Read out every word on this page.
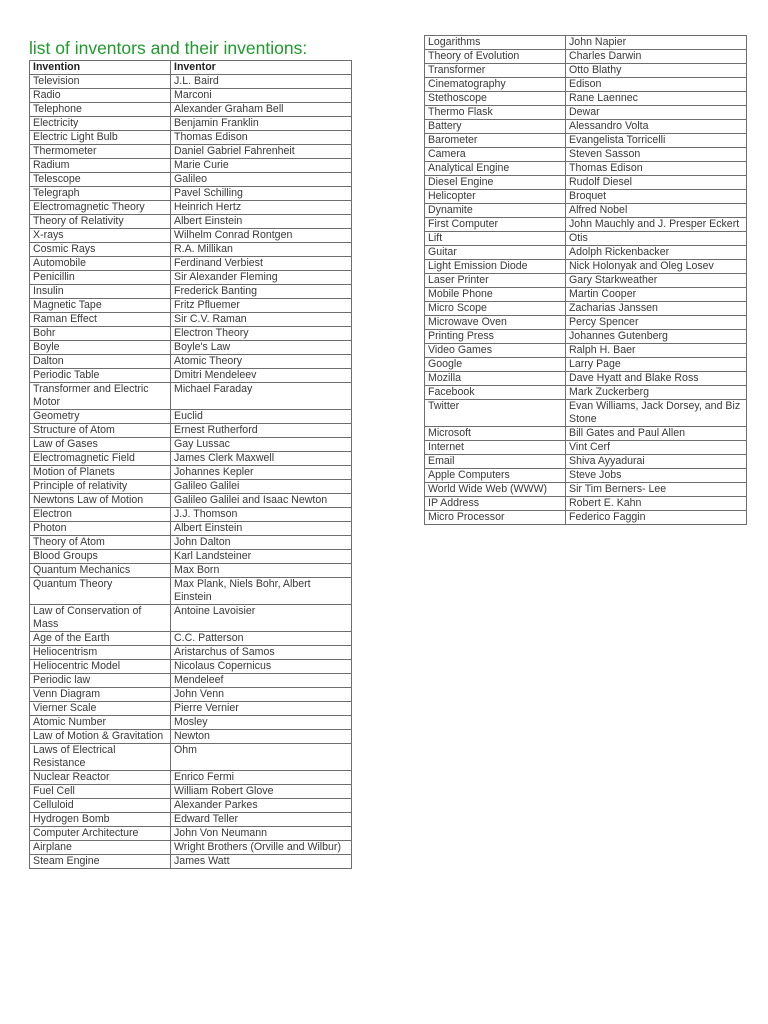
list of inventors and their inventions:
Invention	Inventor
Television	J.L. Baird
Radio	Marconi
Telephone	Alexander Graham Bell
Electricity	Benjamin Franklin
Electric Light Bulb	Thomas Edison
Thermometer	Daniel Gabriel Fahrenheit
Radium	Marie Curie
Telescope	Galileo
Telegraph	Pavel Schilling
Electromagnetic Theory	Heinrich Hertz
Theory of Relativity	Albert Einstein
X-rays	Wilhelm Conrad Rontgen
Cosmic Rays	R.A. Millikan
Automobile	Ferdinand Verbiest
Penicillin	Sir Alexander Fleming
Insulin	Frederick Banting
Magnetic Tape	Fritz Pfluemer
Raman Effect	Sir C.V. Raman
Bohr	Electron Theory
Boyle	Boyle's Law
Dalton	Atomic Theory
Periodic Table	Dmitri Mendeleev
Transformer and Electric Motor	Michael Faraday
Geometry	Euclid
Structure of Atom	Ernest Rutherford
Law of Gases	Gay Lussac
Electromagnetic Field	James Clerk Maxwell
Motion of Planets	Johannes Kepler
Principle of relativity	Galileo Galilei
Newtons Law of Motion	Galileo Galilei and Isaac Newton
Electron	J.J. Thomson
Photon	Albert Einstein
Theory of Atom	John Dalton
Blood Groups	Karl Landsteiner
Quantum Mechanics	Max Born
Quantum Theory	Max Plank, Niels Bohr, Albert Einstein
Law of Conservation of Mass	Antoine Lavoisier
Age of the Earth	C.C. Patterson
Heliocentrism	Aristarchus of Samos
Heliocentric Model	Nicolaus Copernicus
Periodic law	Mendeleef
Venn Diagram	John Venn
Vierner Scale	Pierre Vernier
Atomic Number	Mosley
Law of Motion & Gravitation	Newton
Laws of Electrical Resistance	Ohm
Nuclear Reactor	Enrico Fermi
Fuel Cell	William Robert Glove
Celluloid	Alexander Parkes
Hydrogen Bomb	Edward Teller
Computer Architecture	John Von Neumann
Airplane	Wright Brothers (Orville and Wilbur)
Steam Engine	James Watt
Logarithms	John Napier
Theory of Evolution	Charles Darwin
Transformer	Otto Blathy
Cinematography	Edison
Stethoscope	Rane Laennec
Thermo Flask	Dewar
Battery	Alessandro Volta
Barometer	Evangelista Torricelli
Camera	Steven Sasson
Analytical Engine	Thomas Edison
Diesel Engine	Rudolf Diesel
Helicopter	Broquet
Dynamite	Alfred Nobel
First Computer	John Mauchly and J. Presper Eckert
Lift	Otis
Guitar	Adolph Rickenbacker
Light Emission Diode	Nick Holonyak and Oleg Losev
Laser Printer	Gary Starkweather
Mobile Phone	Martin Cooper
Micro Scope	Zacharias Janssen
Microwave Oven	Percy Spencer
Printing Press	Johannes Gutenberg
Video Games	Ralph H. Baer
Google	Larry Page
Mozilla	Dave Hyatt and Blake Ross
Facebook	Mark Zuckerberg
Twitter	Evan Williams, Jack Dorsey, and Biz Stone
Microsoft	Bill Gates and Paul Allen
Internet	Vint Cerf
Email	Shiva Ayyadurai
Apple Computers	Steve Jobs
World Wide Web (WWW)	Sir Tim Berners- Lee
IP Address	Robert E. Kahn
Micro Processor	Federico Faggin
